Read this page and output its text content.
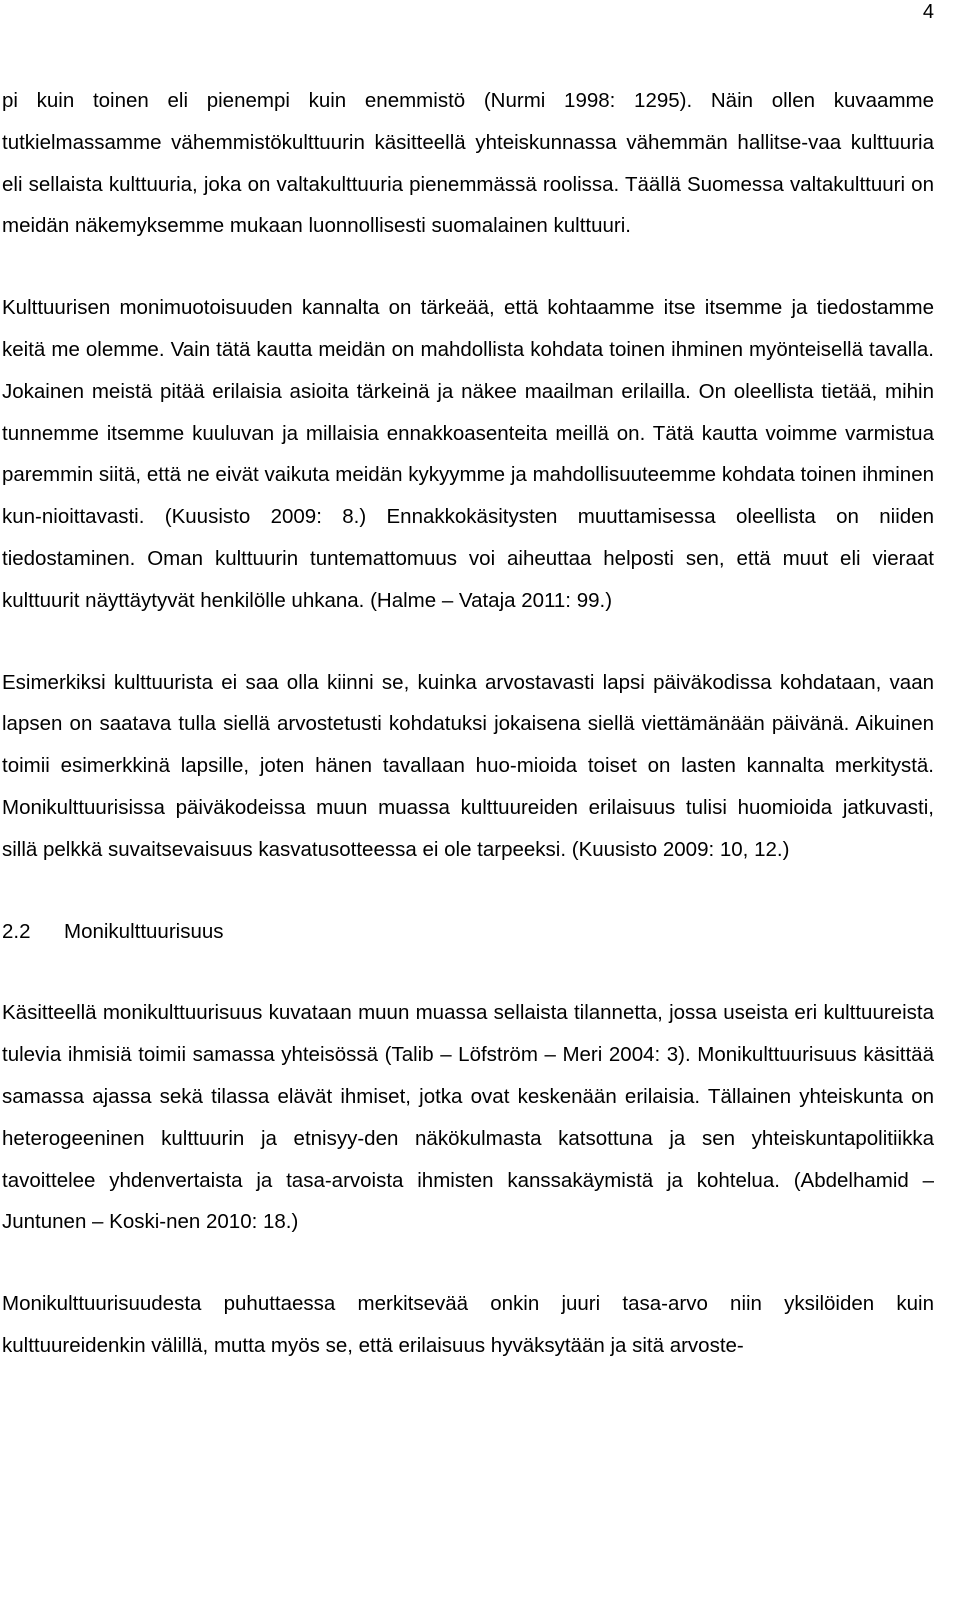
4

pi kuin toinen eli pienempi kuin enemmistö (Nurmi 1998: 1295). Näin ollen kuvaamme tutkielmassamme vähemmistökulttuurin käsitteellä yhteiskunnassa vähemmän hallitse-vaa kulttuuria eli sellaista kulttuuria, joka on valtakulttuuria pienemmässä roolissa. Täällä Suomessa valtakulttuuri on meidän näkemyksemme mukaan luonnollisesti suomalainen kulttuuri.

Kulttuurisen monimuotoisuuden kannalta on tärkeää, että kohtaamme itse itsemme ja tiedostamme keitä me olemme. Vain tätä kautta meidän on mahdollista kohdata toinen ihminen myönteisellä tavalla. Jokainen meistä pitää erilaisia asioita tärkeinä ja näkee maailman erilailla. On oleellista tietää, mihin tunnemme itsemme kuuluvan ja millaisia ennakkoasenteita meillä on. Tätä kautta voimme varmistua paremmin siitä, että ne eivät vaikuta meidän kykyymme ja mahdollisuuteemme kohdata toinen ihminen kun-nioittavasti. (Kuusisto 2009: 8.) Ennakkokäsitysten muuttamisessa oleellista on niiden tiedostaminen. Oman kulttuurin tuntemattomuus voi aiheuttaa helposti sen, että muut eli vieraat kulttuurit näyttäytyvät henkilölle uhkana. (Halme – Vataja 2011: 99.)

Esimerkiksi kulttuurista ei saa olla kiinni se, kuinka arvostavasti lapsi päiväkodissa kohdataan, vaan lapsen on saatava tulla siellä arvostetusti kohdatuksi jokaisena siellä viettämänään päivänä. Aikuinen toimii esimerkkinä lapsille, joten hänen tavallaan huo-mioida toiset on lasten kannalta merkitystä. Monikulttuurisissa päiväkodeissa muun muassa kulttuureiden erilaisuus tulisi huomioida jatkuvasti, sillä pelkkä suvaitsevaisuus kasvatusotteessa ei ole tarpeeksi. (Kuusisto 2009: 10, 12.)

2.2 Monikulttuurisuus

Käsitteellä monikulttuurisuus kuvataan muun muassa sellaista tilannetta, jossa useista eri kulttuureista tulevia ihmisiä toimii samassa yhteisössä (Talib – Löfström – Meri 2004: 3). Monikulttuurisuus käsittää samassa ajassa sekä tilassa elävät ihmiset, jotka ovat keskenään erilaisia. Tällainen yhteiskunta on heterogeeninen kulttuurin ja etnisyy-den näkökulmasta katsottuna ja sen yhteiskuntapolitiikka tavoittelee yhdenvertaista ja tasa-arvoista ihmisten kanssakäymistä ja kohtelua. (Abdelhamid – Juntunen – Koski-nen 2010: 18.)

Monikulttuurisuudesta puhuttaessa merkitsevää onkin juuri tasa-arvo niin yksilöiden kuin kulttuureidenkin välillä, mutta myös se, että erilaisuus hyväksytään ja sitä arvoste-
